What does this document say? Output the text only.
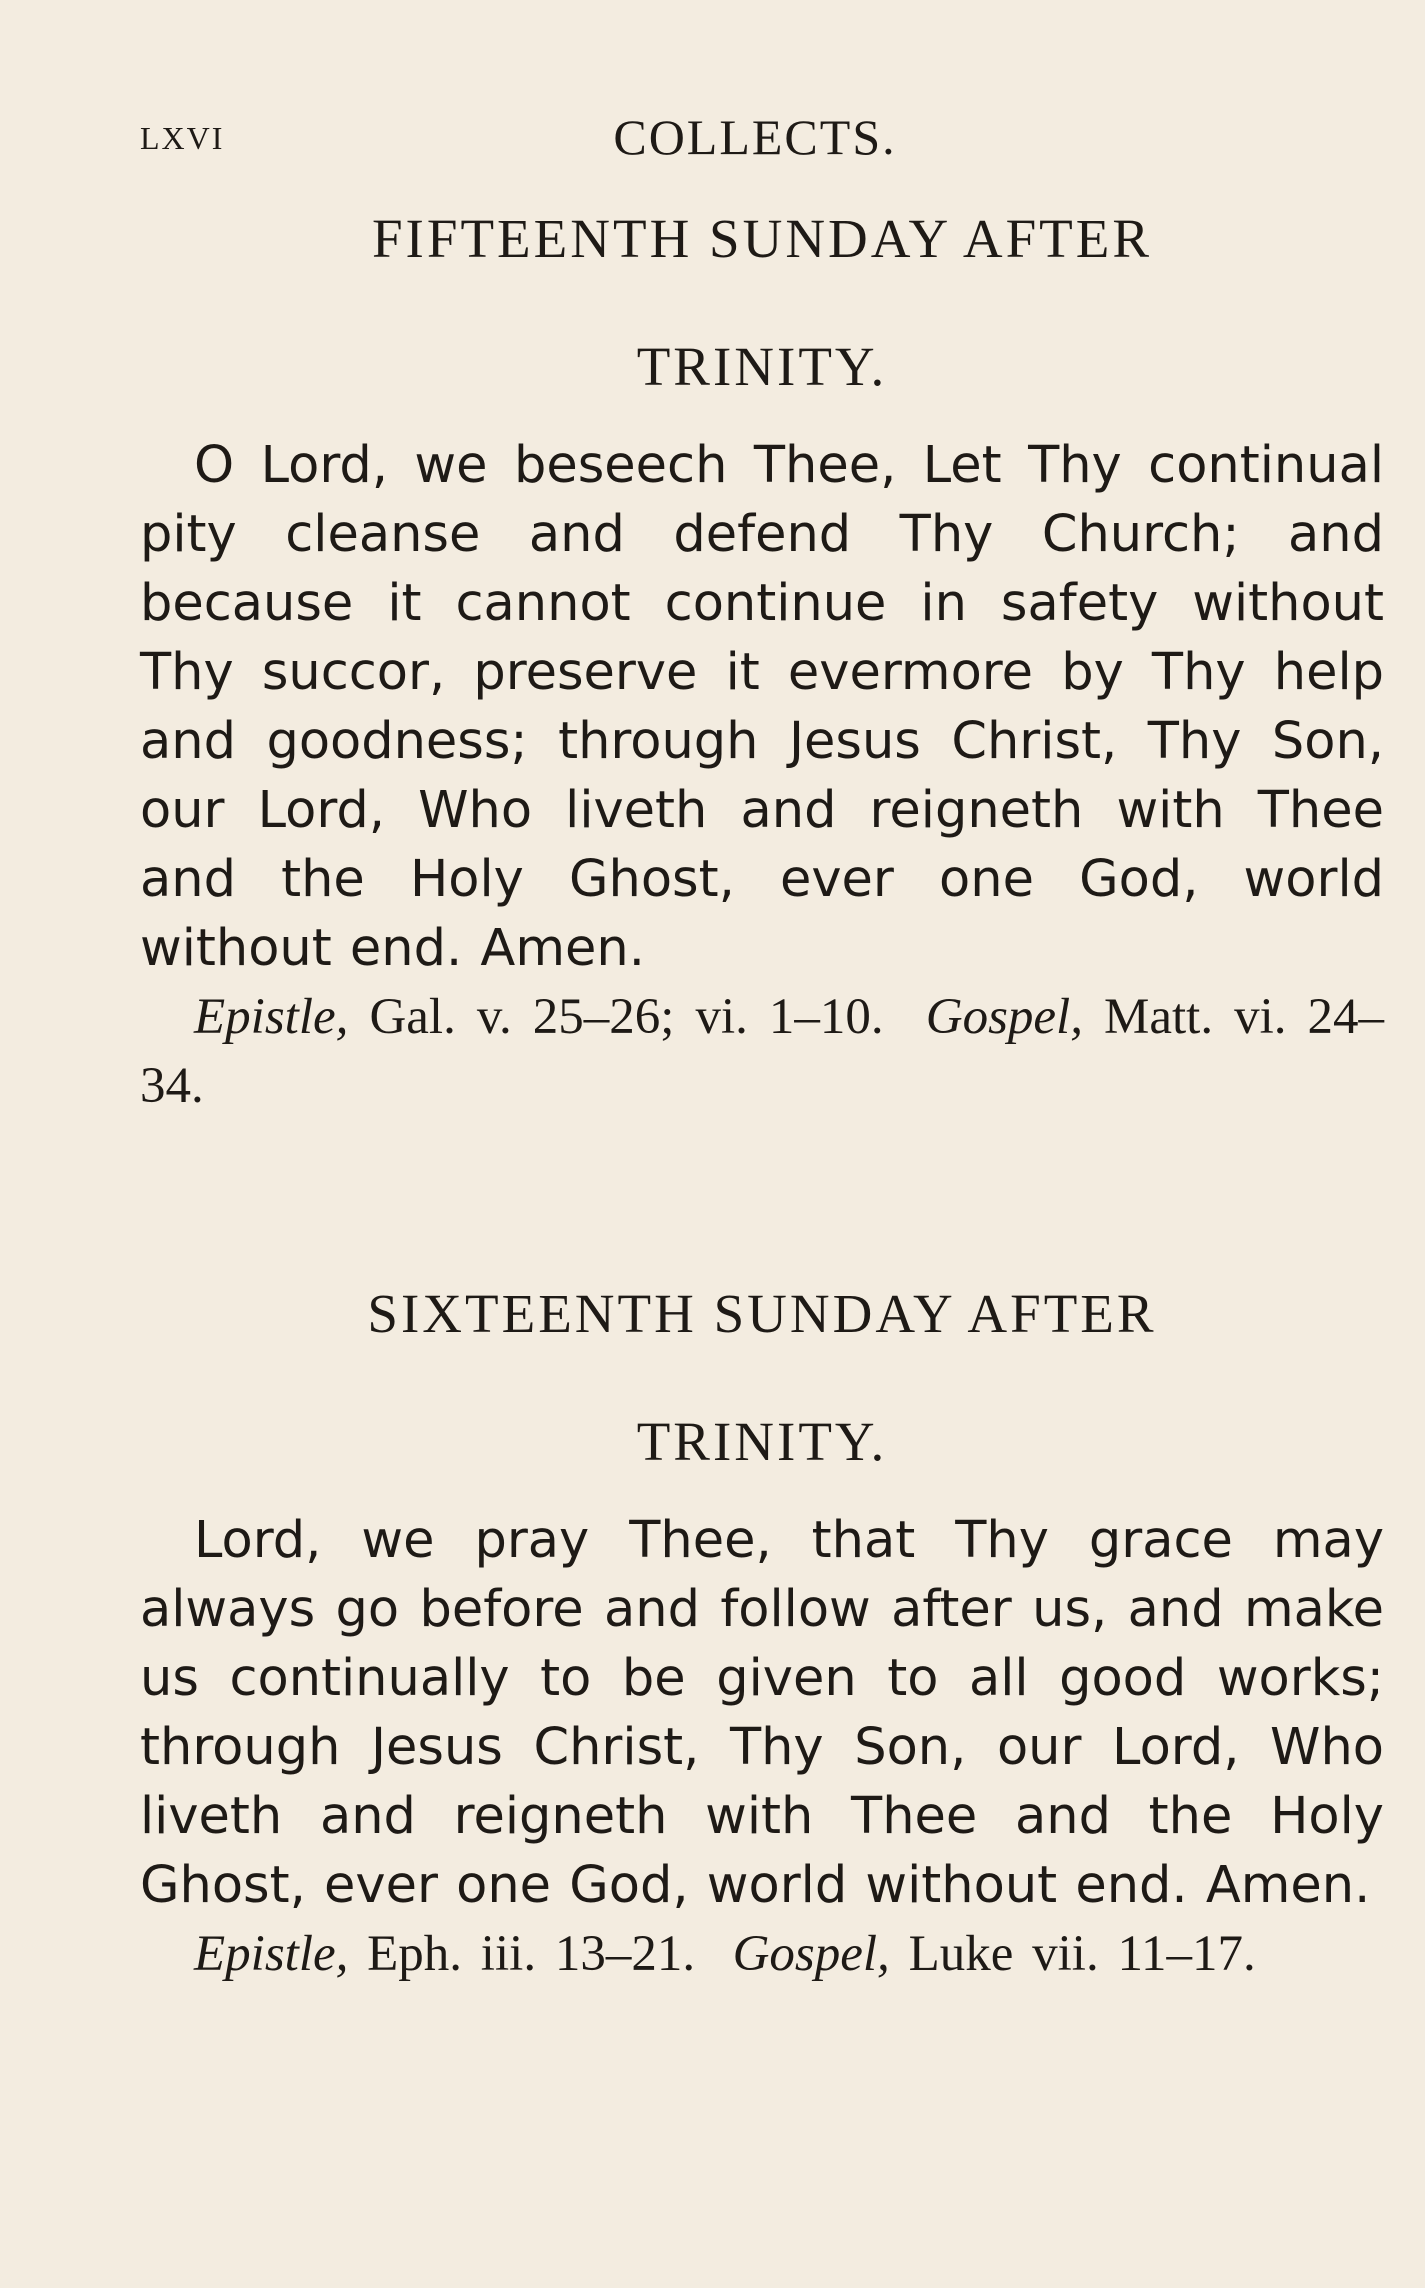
LXVI	COLLECTS.
FIFTEENTH SUNDAY AFTER
TRINITY.

O Lord, we beseech Thee, Let Thy continual pity cleanse and defend Thy Church; and because it cannot continue in safety without Thy succor, preserve it evermore by Thy help and goodness; through Jesus Christ, Thy Son, our Lord, Who liveth and reigneth with Thee and the Holy Ghost, ever one God, world without end. Amen.

Epistle, Gal. v. 25–26; vi. 1–10. Gospel, Matt. vi. 24–34.

SIXTEENTH SUNDAY AFTER
TRINITY.

Lord, we pray Thee, that Thy grace may always go before and follow after us, and make us continually to be given to all good works; through Jesus Christ, Thy Son, our Lord, Who liveth and reigneth with Thee and the Holy Ghost, ever one God, world without end. Amen.

Epistle, Eph. iii. 13–21. Gospel, Luke vii. 11–17.
